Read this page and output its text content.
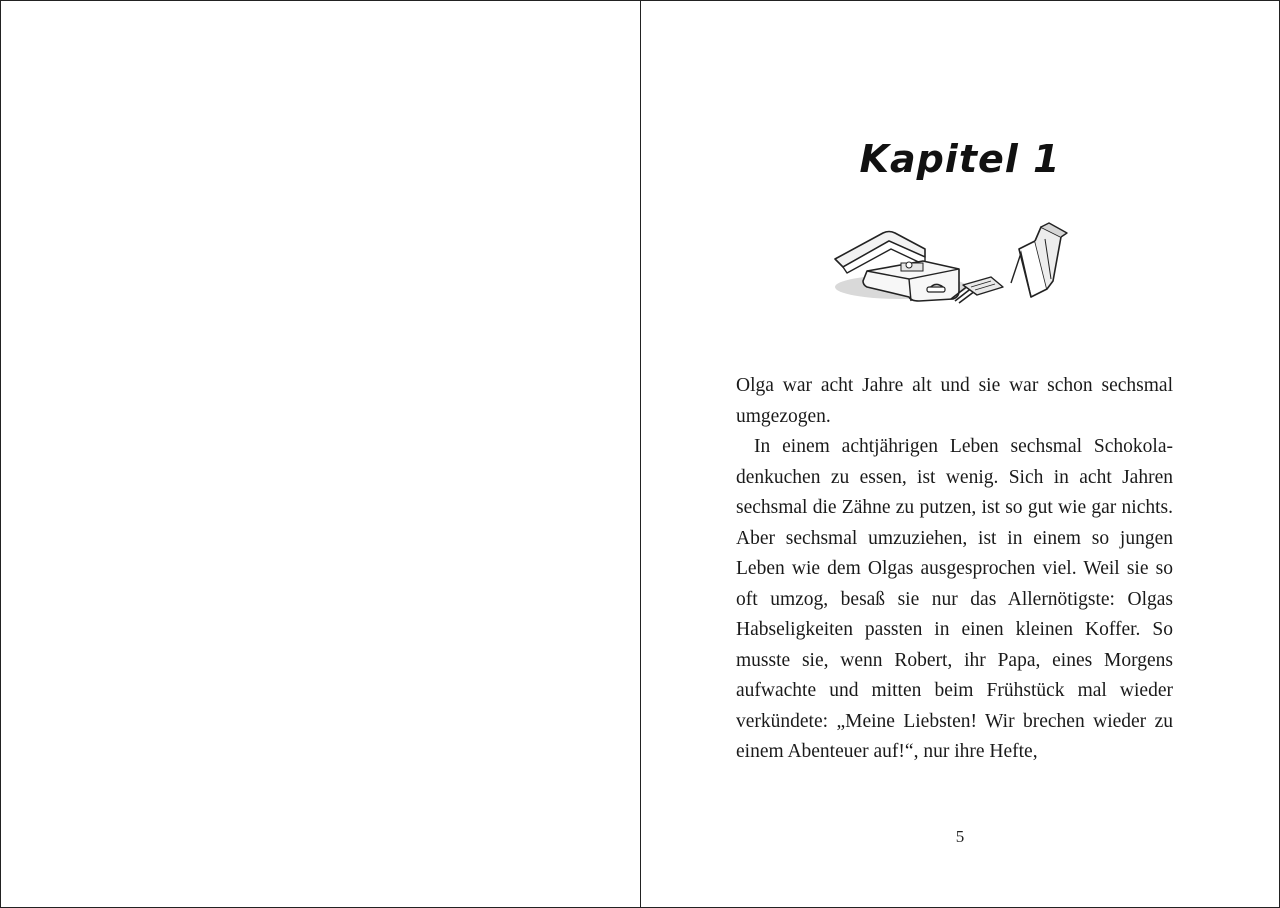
Kapitel 1

Olga war acht Jahre alt und sie war schon sechsmal umgezogen.

In einem achtjährigen Leben sechsmal Schokoladenkuchen zu essen, ist wenig. Sich in acht Jahren sechsmal die Zähne zu putzen, ist so gut wie gar nichts. Aber sechsmal umzuziehen, ist in einem so jungen Leben wie dem Olgas ausgesprochen viel. Weil sie so oft umzog, besaß sie nur das Allernötigste: Olgas Habseligkeiten passten in einen kleinen Koffer. So musste sie, wenn Robert, ihr Papa, eines Morgens aufwachte und mitten beim Frühstück mal wieder verkündete: „Meine Liebsten! Wir brechen wieder zu einem Abenteuer auf!“, nur ihre Hefte,

5
